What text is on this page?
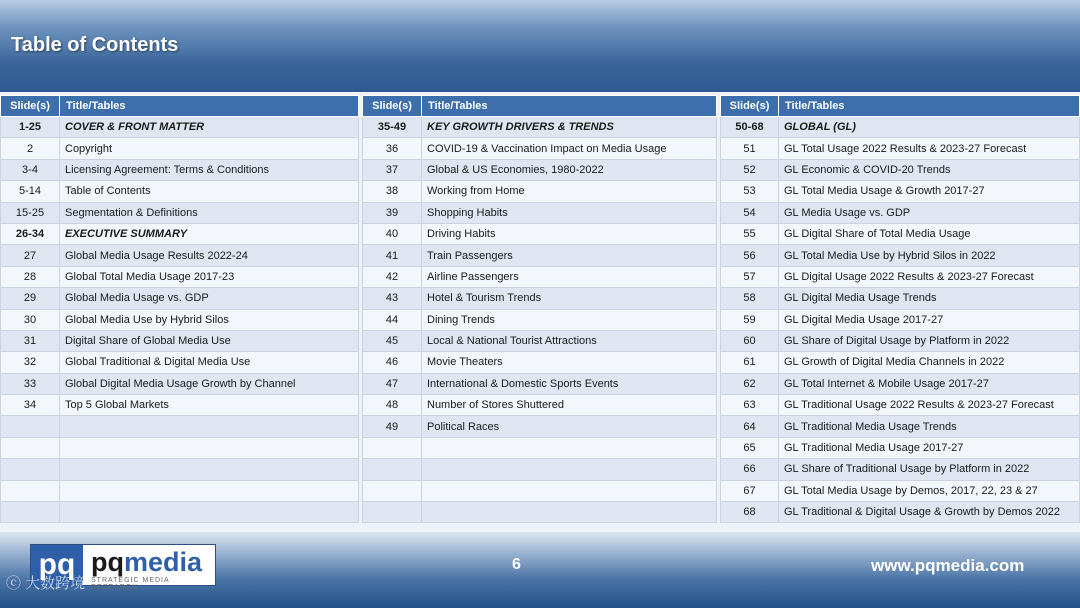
Table of Contents
Slide(s)	Title/Tables
1-25	COVER & FRONT MATTER
2	Copyright
3-4	Licensing Agreement: Terms & Conditions
5-14	Table of Contents
15-25	Segmentation & Definitions
26-34	EXECUTIVE SUMMARY
27	Global Media Usage Results 2022-24
28	Global Total Media Usage 2017-23
29	Global Media Usage vs. GDP
30	Global Media Use by Hybrid Silos
31	Digital Share of Global Media Use
32	Global Traditional & Digital Media Use
33	Global Digital Media Usage Growth by Channel
34	Top 5 Global Markets

Slide(s)	Title/Tables
35-49	KEY GROWTH DRIVERS & TRENDS
36	COVID-19 & Vaccination Impact on Media Usage
37	Global & US Economies, 1980-2022
38	Working from Home
39	Shopping Habits
40	Driving Habits
41	Train Passengers
42	Airline Passengers
43	Hotel & Tourism Trends
44	Dining Trends
45	Local & National Tourist Attractions
46	Movie Theaters
47	International & Domestic Sports Events
48	Number of Stores Shuttered
49	Political Races

Slide(s)	Title/Tables
50-68	GLOBAL (GL)
51	GL Total Usage 2022 Results & 2023-27 Forecast
52	GL Economic & COVID-20 Trends
53	GL Total Media Usage & Growth 2017-27
54	GL Media Usage vs. GDP
55	GL Digital Share of Total Media Usage
56	GL Total Media Use by Hybrid Silos in 2022
57	GL Digital Usage 2022 Results & 2023-27 Forecast
58	GL Digital Media Usage Trends
59	GL Digital Media Usage 2017-27
60	GL Share of Digital Usage by Platform in 2022
61	GL Growth of Digital Media Channels in 2022
62	GL Total Internet & Mobile Usage 2017-27
63	GL Traditional Usage 2022 Results & 2023-27 Forecast
64	GL Traditional Media Usage Trends
65	GL Traditional Media Usage 2017-27
66	GL Share of Traditional Usage by Platform in 2022
67	GL Total Media Usage by Demos, 2017, 22, 23 & 27
68	GL Traditional & Digital Usage & Growth by Demos 2022
pq pqmedia
STRATEGIC MEDIA RESEARCH
6	www.pqmedia.com
ⓒ 大数跨境
